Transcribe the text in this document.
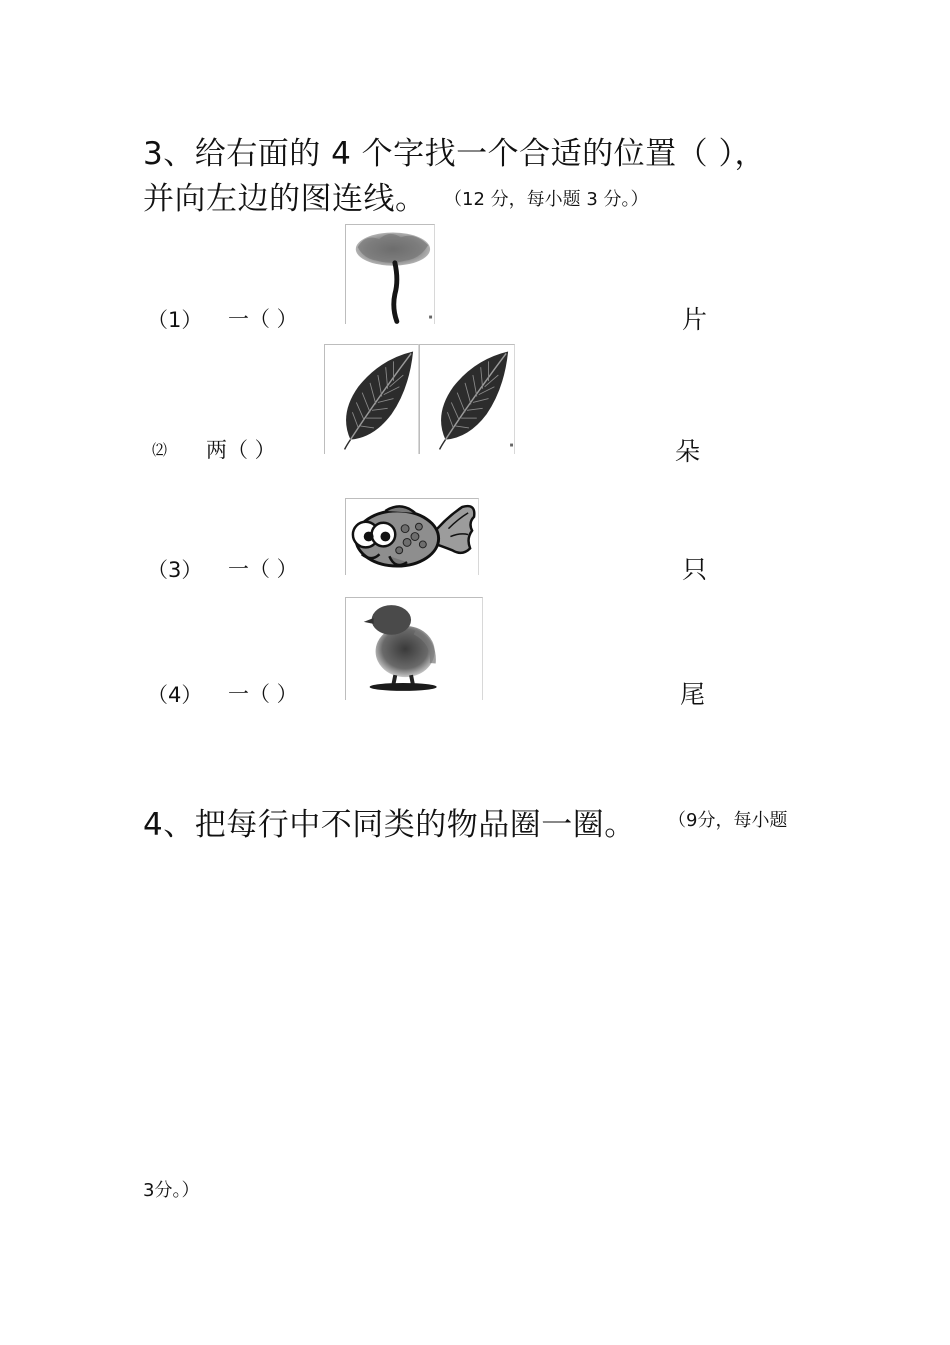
3、给右面的 4 个字找一个合适的位置（ ），
并向左边的图连线。 （12 分，每小题 3 分。）
（1） 一（ ）	片
⑵ 两（ ）	朵
（3） 一（ ）	只
（4） 一（ ）	尾
4、把每行中不同类的物品圈一圈。 （9分，每小题
3分。）
